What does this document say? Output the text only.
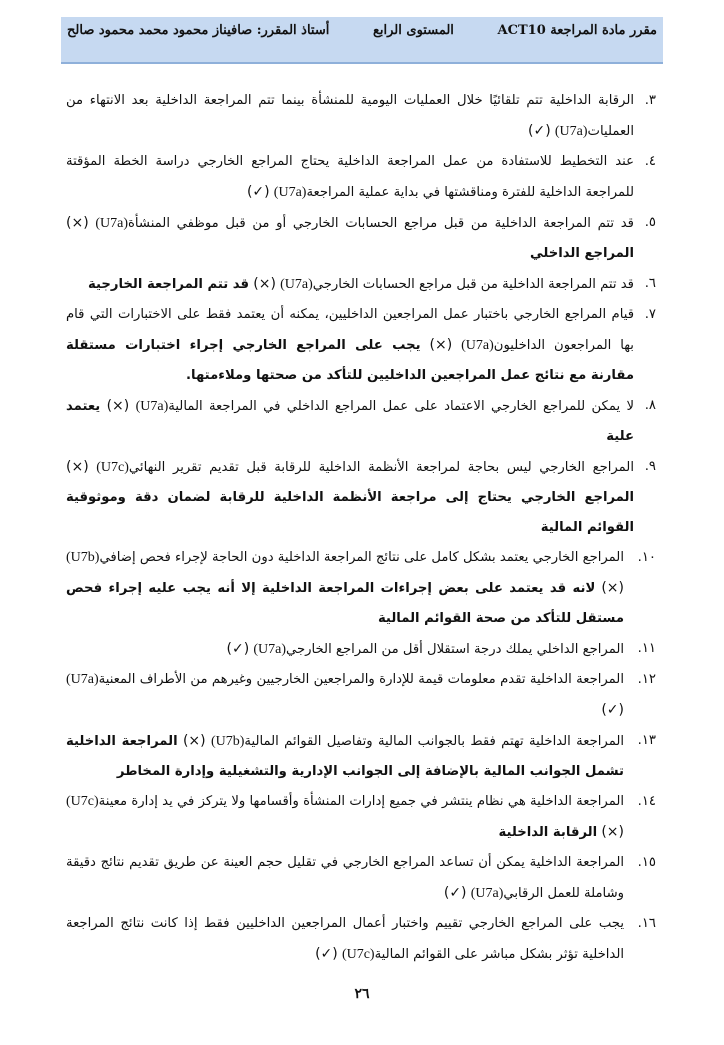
مقرر مادة المراجعة ACT10
المستوى الرابع
أستاذ المقرر: صافيناز محمود محمد محمود صالح
٣.
الرقابة الداخلية تتم تلقائيًا خلال العمليات اليومية للمنشأة بينما تتم المراجعة الداخلية بعد الانتهاء من العمليات(U7a) (✓)
٤.
عند التخطيط للاستفادة من عمل المراجعة الداخلية يحتاج المراجع الخارجي دراسة الخطة المؤقتة للمراجعة الداخلية للفترة ومناقشتها في بداية عملية المراجعة(U7a) (✓)
٥.
قد تتم المراجعة الداخلية من قبل مراجع الحسابات الخارجي أو من قبل موظفي المنشأة(U7a) (×) المراجع الداخلي
٦.
قد تتم المراجعة الداخلية من قبل مراجع الحسابات الخارجي(U7a) (×) قد تتم المراجعة الخارجية
٧.
قيام المراجع الخارجي باختبار عمل المراجعين الداخليين، يمكنه أن يعتمد فقط على الاختبارات التي قام بها المراجعون الداخليون(U7a) (×) يجب على المراجع الخارجي إجراء اختبارات مستقلة مقارنة مع نتائج عمل المراجعين الداخليين للتأكد من صحتها وملاءمتها.
٨.
لا يمكن للمراجع الخارجي الاعتماد على عمل المراجع الداخلي في المراجعة المالية(U7a) (×) يعتمد علية
٩.
المراجع الخارجي ليس بحاجة لمراجعة الأنظمة الداخلية للرقابة قبل تقديم تقرير النهائي(U7c) (×) المراجع الخارجي يحتاج إلى مراجعة الأنظمة الداخلية للرقابة لضمان دقة وموثوقية القوائم المالية
١٠.
المراجع الخارجي يعتمد بشكل كامل على نتائج المراجعة الداخلية دون الحاجة لإجراء فحص إضافي(U7b) (×) لانه قد يعتمد على بعض إجراءات المراجعة الداخلية إلا أنه يجب عليه إجراء فحص مستقل للتأكد من صحة القوائم المالية
١١.
المراجع الداخلي يملك درجة استقلال أقل من المراجع الخارجي(U7a) (✓)
١٢.
المراجعة الداخلية تقدم معلومات قيمة للإدارة والمراجعين الخارجيين وغيرهم من الأطراف المعنية(U7a) (✓)
١٣.
المراجعة الداخلية تهتم فقط بالجوانب المالية وتفاصيل القوائم المالية(U7b) (×) المراجعة الداخلية تشمل الجوانب المالية بالإضافة إلى الجوانب الإدارية والتشغيلية وإدارة المخاطر
١٤.
المراجعة الداخلية هي نظام ينتشر في جميع إدارات المنشأة وأقسامها ولا يتركز في يد إدارة معينة(U7c) (×) الرقابة الداخلية
١٥.
المراجعة الداخلية يمكن أن تساعد المراجع الخارجي في تقليل حجم العينة عن طريق تقديم نتائج دقيقة وشاملة للعمل الرقابي(U7a) (✓)
١٦.
يجب على المراجع الخارجي تقييم واختبار أعمال المراجعين الداخليين فقط إذا كانت نتائج المراجعة الداخلية تؤثر بشكل مباشر على القوائم المالية(U7c) (✓)
٢٦
